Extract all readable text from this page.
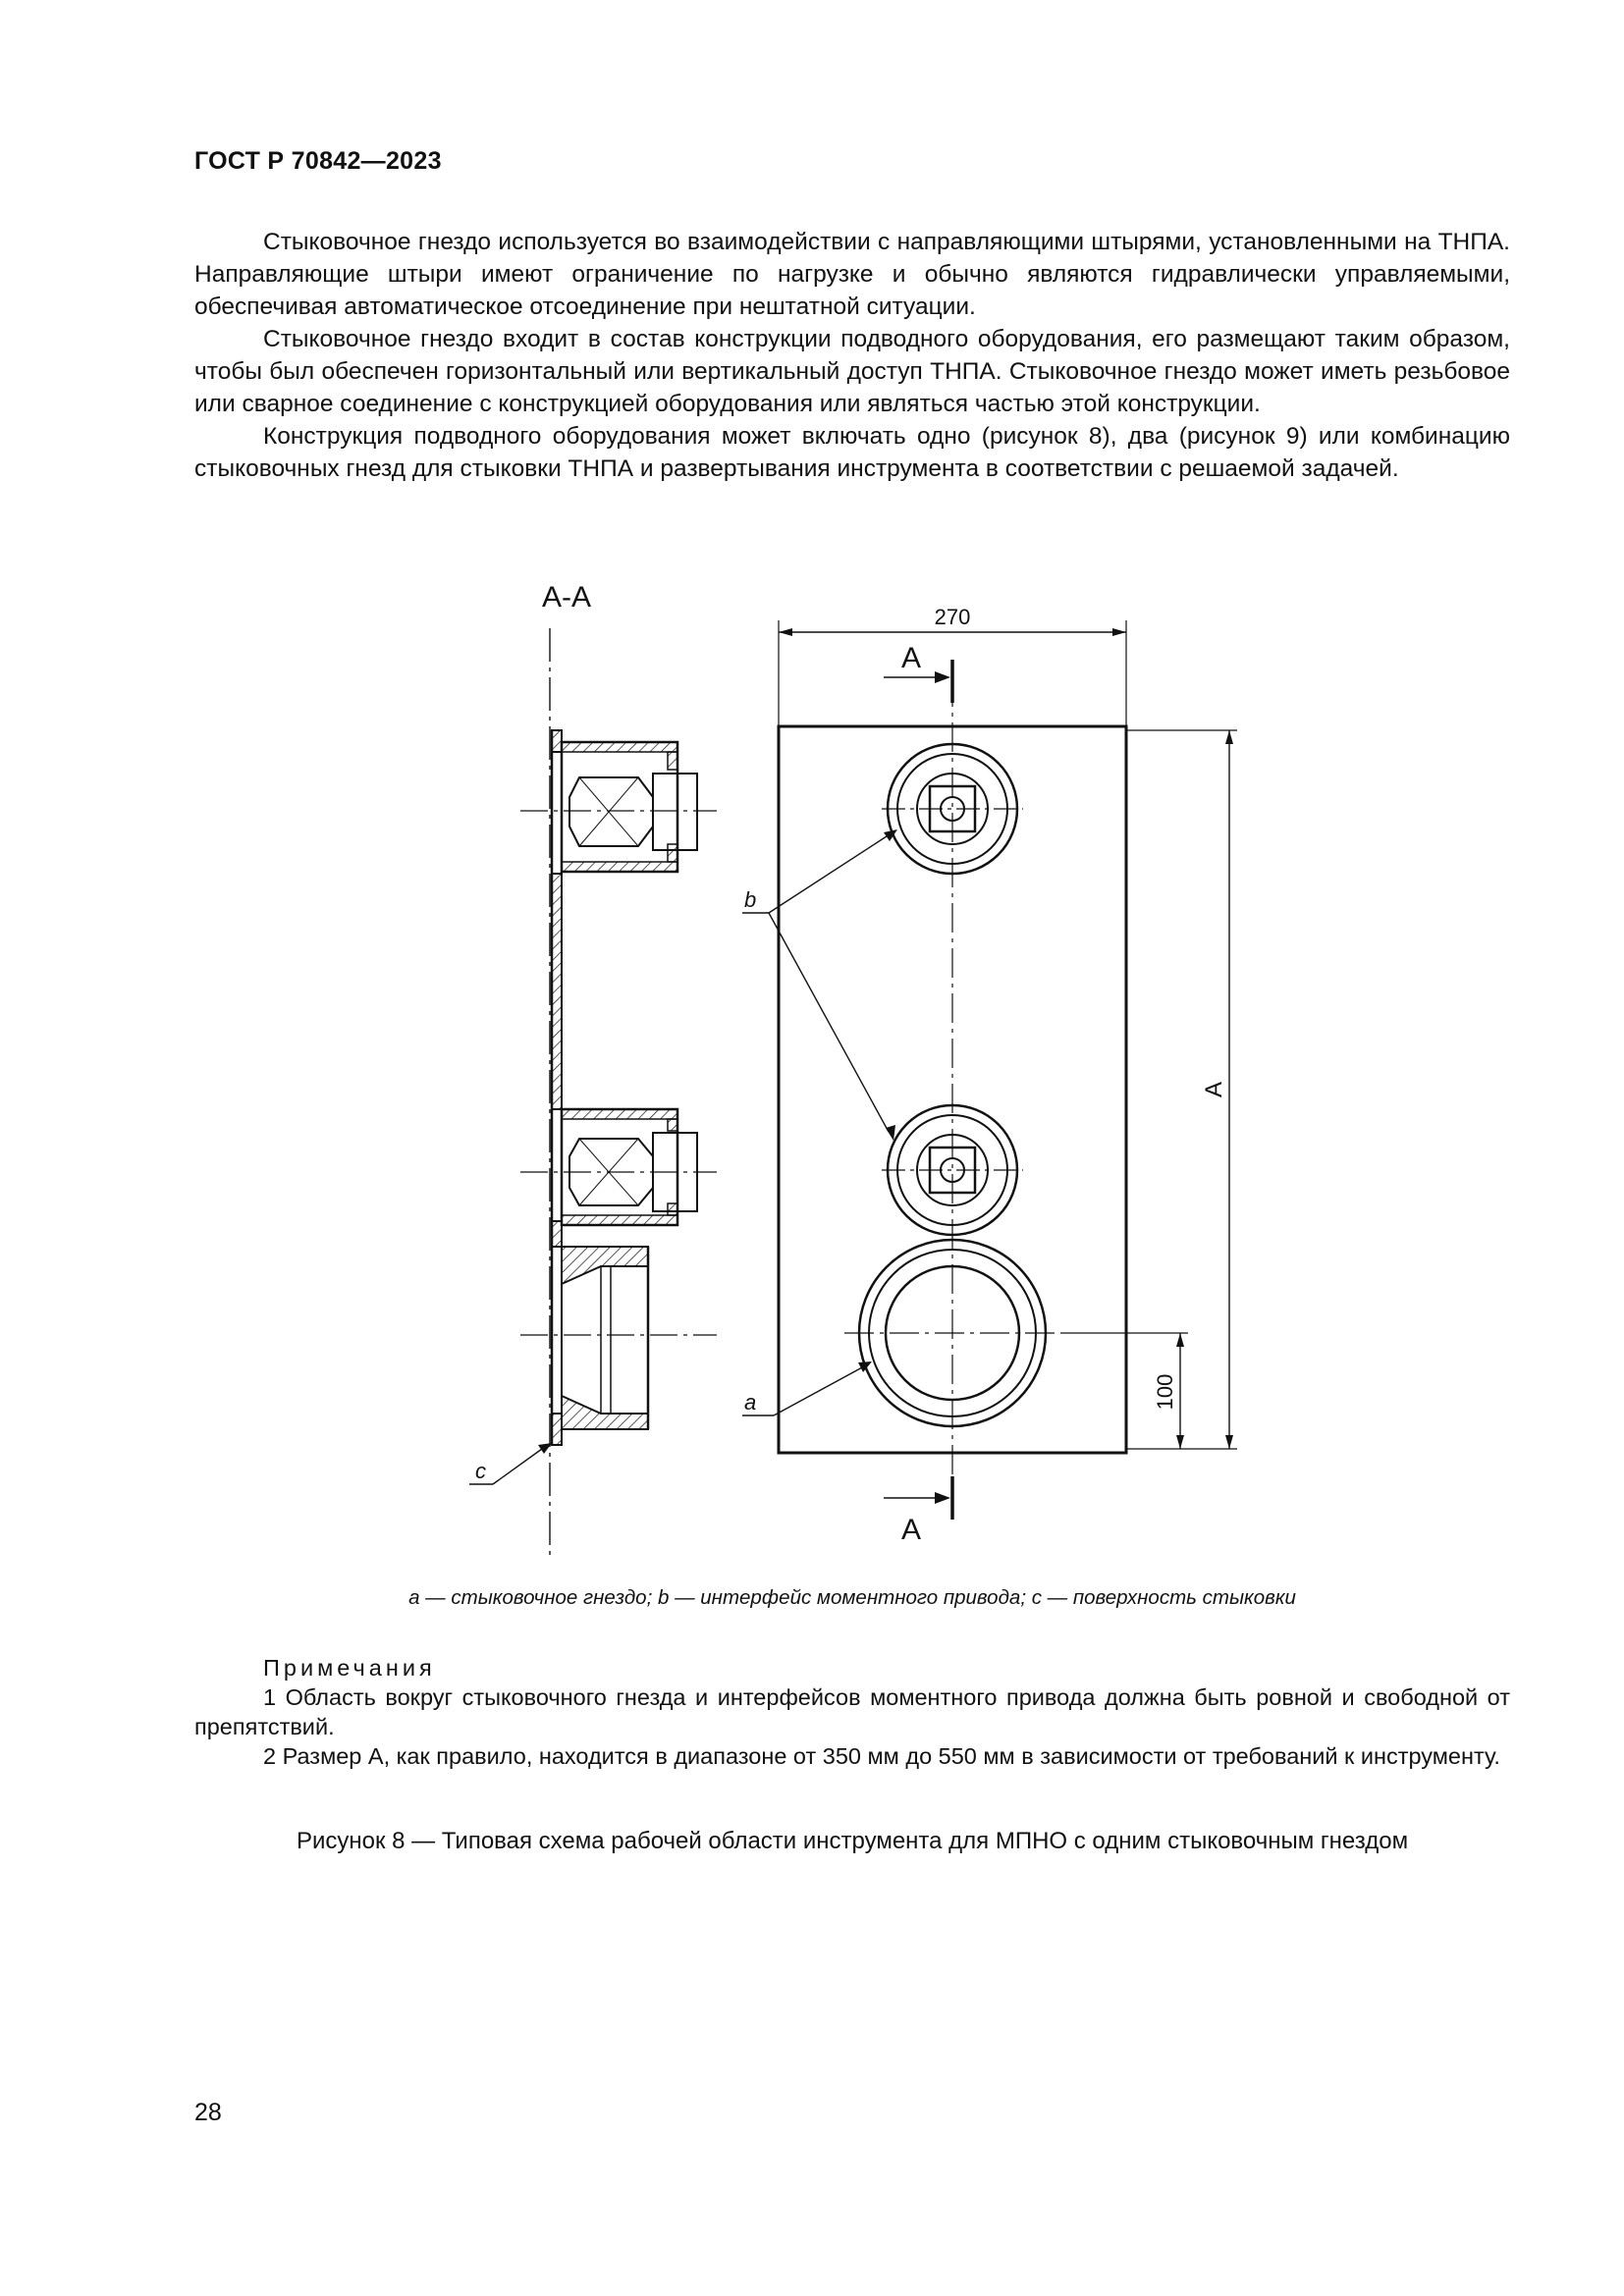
ГОСТ Р 70842—2023

Стыковочное гнездо используется во взаимодействии с направляющими штырями, установленными на ТНПА. Направляющие штыри имеют ограничение по нагрузке и обычно являются гидравлически управляемыми, обеспечивая автоматическое отсоединение при нештатной ситуации.

Стыковочное гнездо входит в состав конструкции подводного оборудования, его размещают таким образом, чтобы был обеспечен горизонтальный или вертикальный доступ ТНПА. Стыковочное гнездо может иметь резьбовое или сварное соединение с конструкцией оборудования или являться частью этой конструкции.

Конструкция подводного оборудования может включать одно (рисунок 8), два (рисунок 9) или комбинацию стыковочных гнезд для стыковки ТНПА и развертывания инструмента в соответствии с решаемой задачей.

А-А
c
270
А
b
a
А
100
А
а — стыковочное гнездо; b — интерфейс моментного привода; с — поверхность стыковки
Примечания

1 Область вокруг стыковочного гнезда и интерфейсов моментного привода должна быть ровной и свободной от препятствий.

2 Размер А, как правило, находится в диапазоне от 350 мм до 550 мм в зависимости от требований к инструменту.

Рисунок 8 — Типовая схема рабочей области инструмента для МПНО с одним стыковочным гнездом
28
